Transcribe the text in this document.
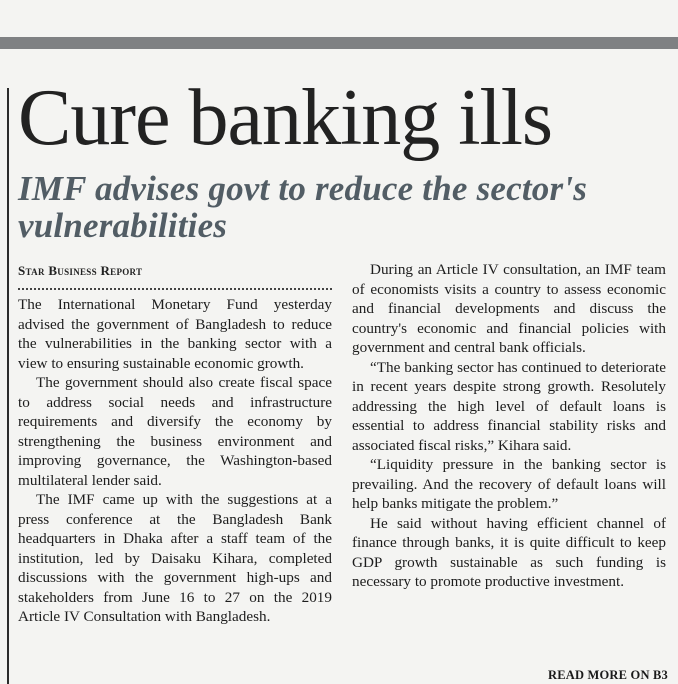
Cure banking ills
IMF advises govt to reduce the sector's vulnerabilities
Star Business Report

The International Monetary Fund yesterday advised the government of Bangladesh to reduce the vulnerabilities in the banking sector with a view to ensuring sustainable economic growth.

The government should also create fiscal space to address social needs and infrastructure requirements and diversify the economy by strengthening the business environment and improving governance, the Washington-based multilateral lender said.

The IMF came up with the suggestions at a press conference at the Bangladesh Bank headquarters in Dhaka after a staff team of the institution, led by Daisaku Kihara, completed discussions with the government high-ups and stakeholders from June 16 to 27 on the 2019 Article IV Consultation with Bangladesh.

During an Article IV consultation, an IMF team of economists visits a country to assess economic and financial developments and discuss the country's economic and financial policies with government and central bank officials.

“The banking sector has continued to deteriorate in recent years despite strong growth. Resolutely addressing the high level of default loans is essential to address financial stability risks and associated fiscal risks,” Kihara said.

“Liquidity pressure in the banking sector is prevailing. And the recovery of default loans will help banks mitigate the problem.”

He said without having efficient channel of finance through banks, it is quite difficult to keep GDP growth sustainable as such funding is necessary to promote productive investment.

READ MORE ON B3
